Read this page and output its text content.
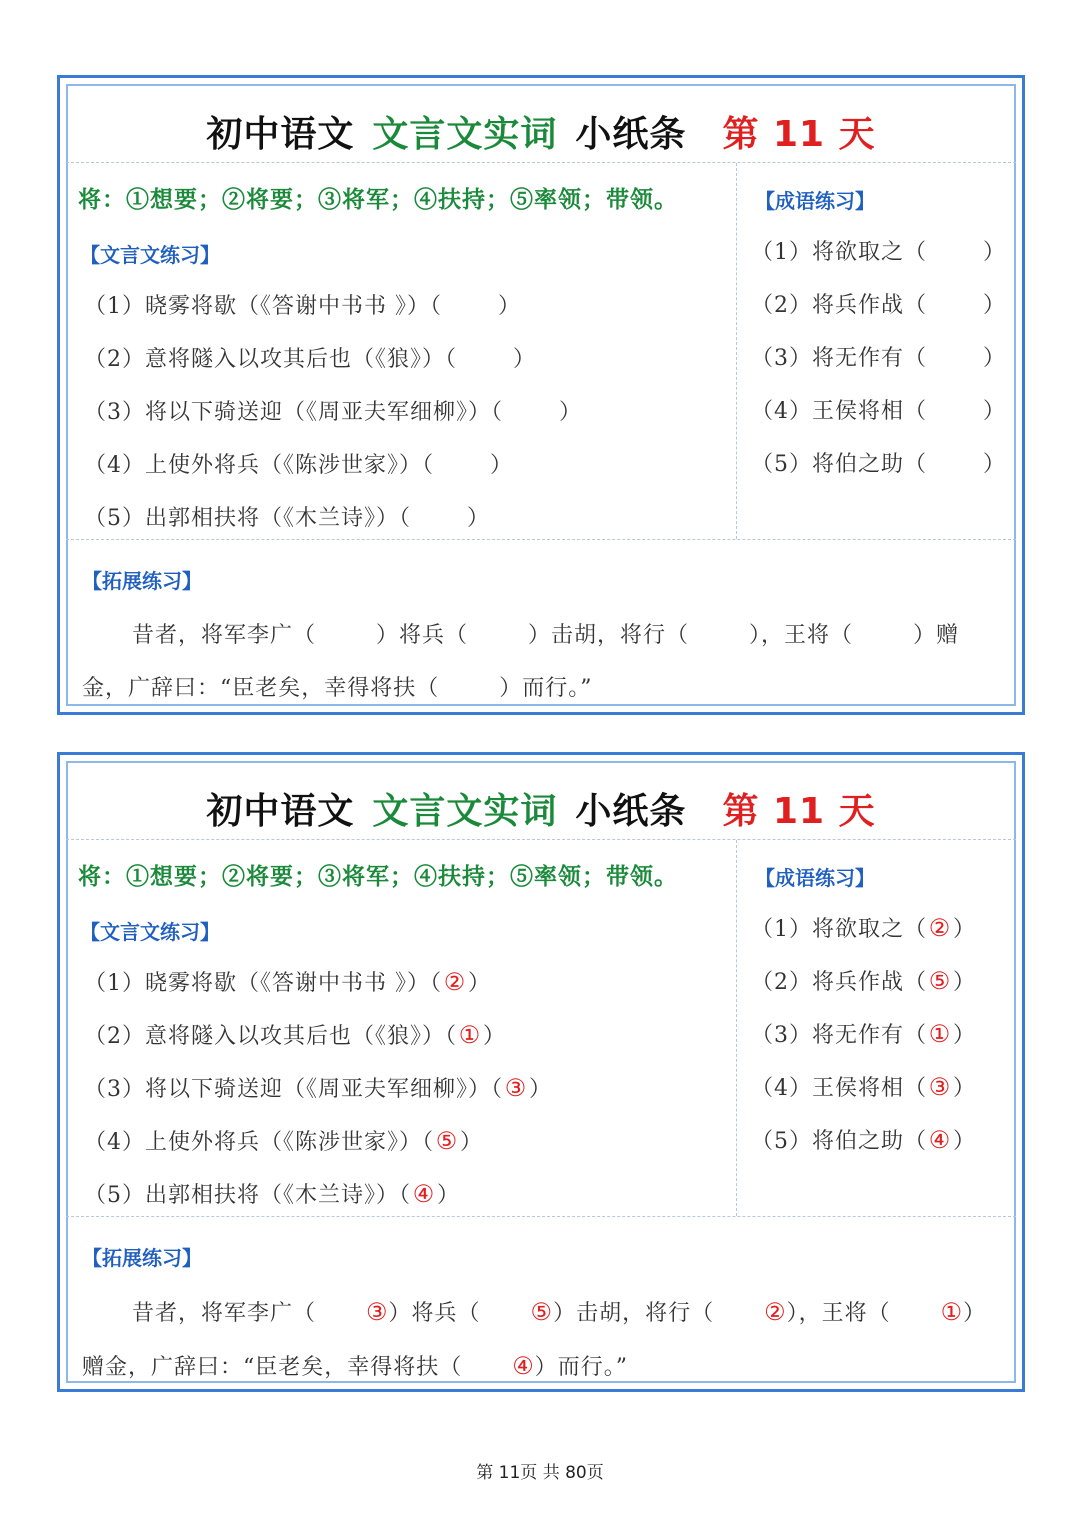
初中语文 文言文实词 小纸条 第 11 天
将：①想要；②将要；③将军；④扶持；⑤率领；带领。
【文言文练习】
（1）晓雾将歇（《答谢中书书 》）（	）
（2）意将隧入以攻其后也（《狼》）（	）
（3）将以下骑送迎（《周亚夫军细柳》）（	）
（4）上使外将兵（《陈涉世家》）（	）
（5）出郭相扶将（《木兰诗》）（	）
【成语练习】
（1）将欲取之（	）
（2）将兵作战（	）
（3）将无作有（	）
（4）王侯将相（	）
（5）将伯之助（	）
【拓展练习】
昔者，将军李广（	）将兵（	）击胡，将行（	），王将（	）赠金，广辞曰：“臣老矣，幸得将扶（	）而行。”
初中语文 文言文实词 小纸条 第 11 天
将：①想要；②将要；③将军；④扶持；⑤率领；带领。
【文言文练习】
（1）晓雾将歇（《答谢中书书 》）（②）
（2）意将隧入以攻其后也（《狼》）（①）
（3）将以下骑送迎（《周亚夫军细柳》）（③）
（4）上使外将兵（《陈涉世家》）（⑤）
（5）出郭相扶将（《木兰诗》）（④）
【成语练习】
（1）将欲取之（②）
（2）将兵作战（⑤）
（3）将无作有（①）
（4）王侯将相（③）
（5）将伯之助（④）
【拓展练习】
昔者，将军李广（ ③）将兵（ ⑤）击胡，将行（ ②），王将（ ①）赠金，广辞曰：“臣老矣，幸得将扶（ ④）而行。”
第 11页 共 80页
